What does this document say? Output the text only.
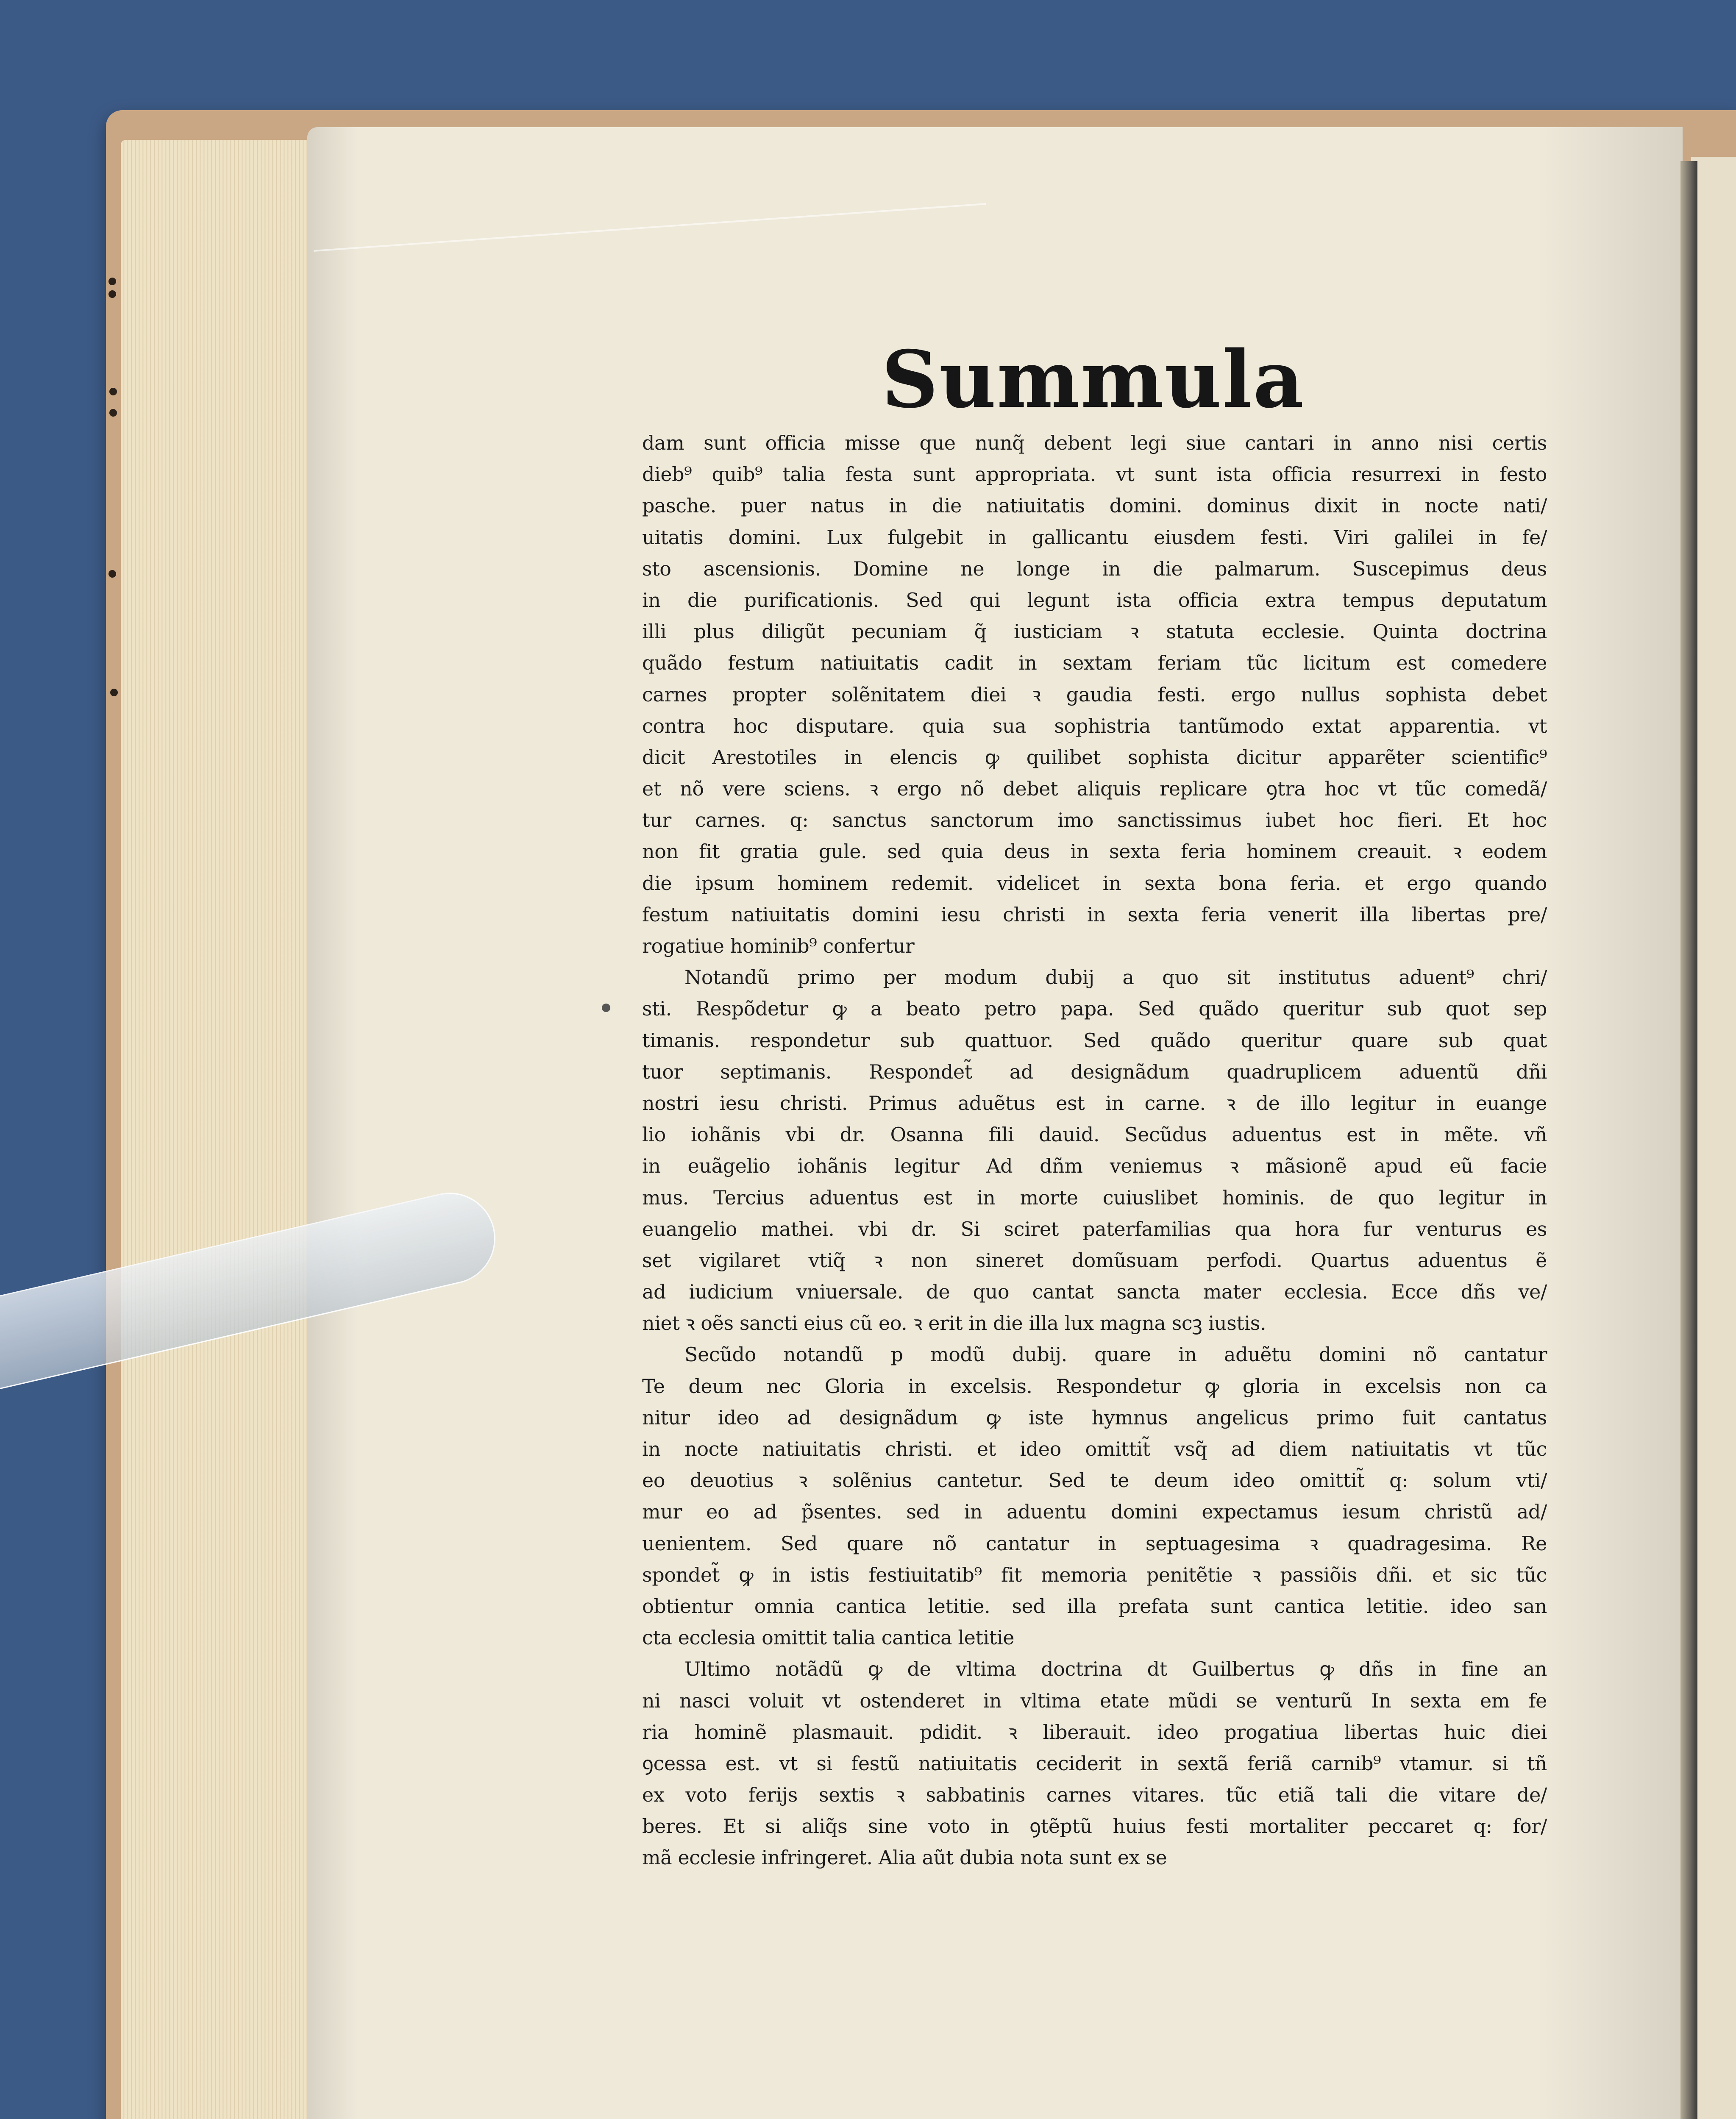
Summula
dam sunt officia misse que nunq̃ debent legi siue cantari in anno nisi certis
dieb⁹ quib⁹ talia festa sunt appropriata. vt sunt ista officia resurrexi in festo
pasche. puer natus in die natiuitatis domini. dominus dixit in nocte nati/
uitatis domini. Lux fulgebit in gallicantu eiusdem festi. Viri galilei in fe/
sto ascensionis. Domine ne longe in die palmarum. Suscepimus deus
in die purificationis. Sed qui legunt ista officia extra tempus deputatum
illi plus diligũt pecuniam q̃ iusticiam ꝛ statuta ecclesie. Quinta doctrina
quãdo festum natiuitatis cadit in sextam feriam tũc licitum est comedere
carnes propter solẽnitatem diei ꝛ gaudia festi. ergo nullus sophista debet
contra hoc disputare. quia sua sophistria tantũmodo extat apparentia. vt
dicit Arestotiles in elencis ꝙ quilibet sophista dicitur apparẽter scientific⁹
et nõ vere sciens. ꝛ ergo nõ debet aliquis replicare ꝯtra hoc vt tũc comedã/
tur carnes. q: sanctus sanctorum imo sanctissimus iubet hoc fieri. Et hoc
non fit gratia gule. sed quia deus in sexta feria hominem creauit. ꝛ eodem
die ipsum hominem redemit. videlicet in sexta bona feria. et ergo quando
festum natiuitatis domini iesu christi in sexta feria venerit illa libertas pre/
rogatiue hominib⁹ confertur
Notandũ primo per modum dubij a quo sit institutus aduent⁹ chri/
sti. Respõdetur ꝙ a beato petro papa. Sed quãdo queritur sub quot sep
timanis. respondetur sub quattuor. Sed quãdo queritur quare sub quat
tuor septimanis. Respondet̃ ad designãdum quadruplicem aduentũ dñi
nostri iesu christi. Primus aduẽtus est in carne. ꝛ de illo legitur in euange
lio iohãnis vbi dr. Osanna fili dauid. Secũdus aduentus est in mẽte. vñ
in euãgelio iohãnis legitur Ad dñm veniemus ꝛ mãsionẽ apud eũ facie
mus. Tercius aduentus est in morte cuiuslibet hominis. de quo legitur in
euangelio mathei. vbi dr. Si sciret paterfamilias qua hora fur venturus es
set vigilaret vtiq̃ ꝛ non sineret domũsuam perfodi. Quartus aduentus ẽ
ad iudicium vniuersale. de quo cantat sancta mater ecclesia. Ecce dñs ve/
niet ꝛ oẽs sancti eius cũ eo. ꝛ erit in die illa lux magna scꝫ iustis.
Secũdo notandũ p modũ dubij. quare in aduẽtu domini nõ cantatur
Te deum nec Gloria in excelsis. Respondetur ꝙ gloria in excelsis non ca
nitur ideo ad designãdum ꝙ iste hymnus angelicus primo fuit cantatus
in nocte natiuitatis christi. et ideo omittit̃ vsq̃ ad diem natiuitatis vt tũc
eo deuotius ꝛ solẽnius cantetur. Sed te deum ideo omittit̃ q: solum vti/
mur eo ad p̃sentes. sed in aduentu domini expectamus iesum christũ ad/
uenientem. Sed quare nõ cantatur in septuagesima ꝛ quadragesima. Re
spondet̃ ꝙ in istis festiuitatib⁹ fit memoria penitẽtie ꝛ passiõis dñi. et sic tũc
obtientur omnia cantica letitie. sed illa prefata sunt cantica letitie. ideo san
cta ecclesia omittit talia cantica letitie
Ultimo notãdũ ꝙ de vltima doctrina dt Guilbertus ꝙ dñs in fine an
ni nasci voluit vt ostenderet in vltima etate mũdi se venturũ In sexta em fe
ria hominẽ plasmauit. pdidit. ꝛ liberauit. ideo progatiua libertas huic diei
ꝯcessa est. vt si festũ natiuitatis ceciderit in sextã feriã carnib⁹ vtamur. si tñ
ex voto ferijs sextis ꝛ sabbatinis carnes vitares. tũc etiã tali die vitare de/
beres. Et si aliq̃s sine voto in ꝯtẽptũ huius festi mortaliter peccaret q: for/
mã ecclesie infringeret. Alia aũt dubia nota sunt ex se
